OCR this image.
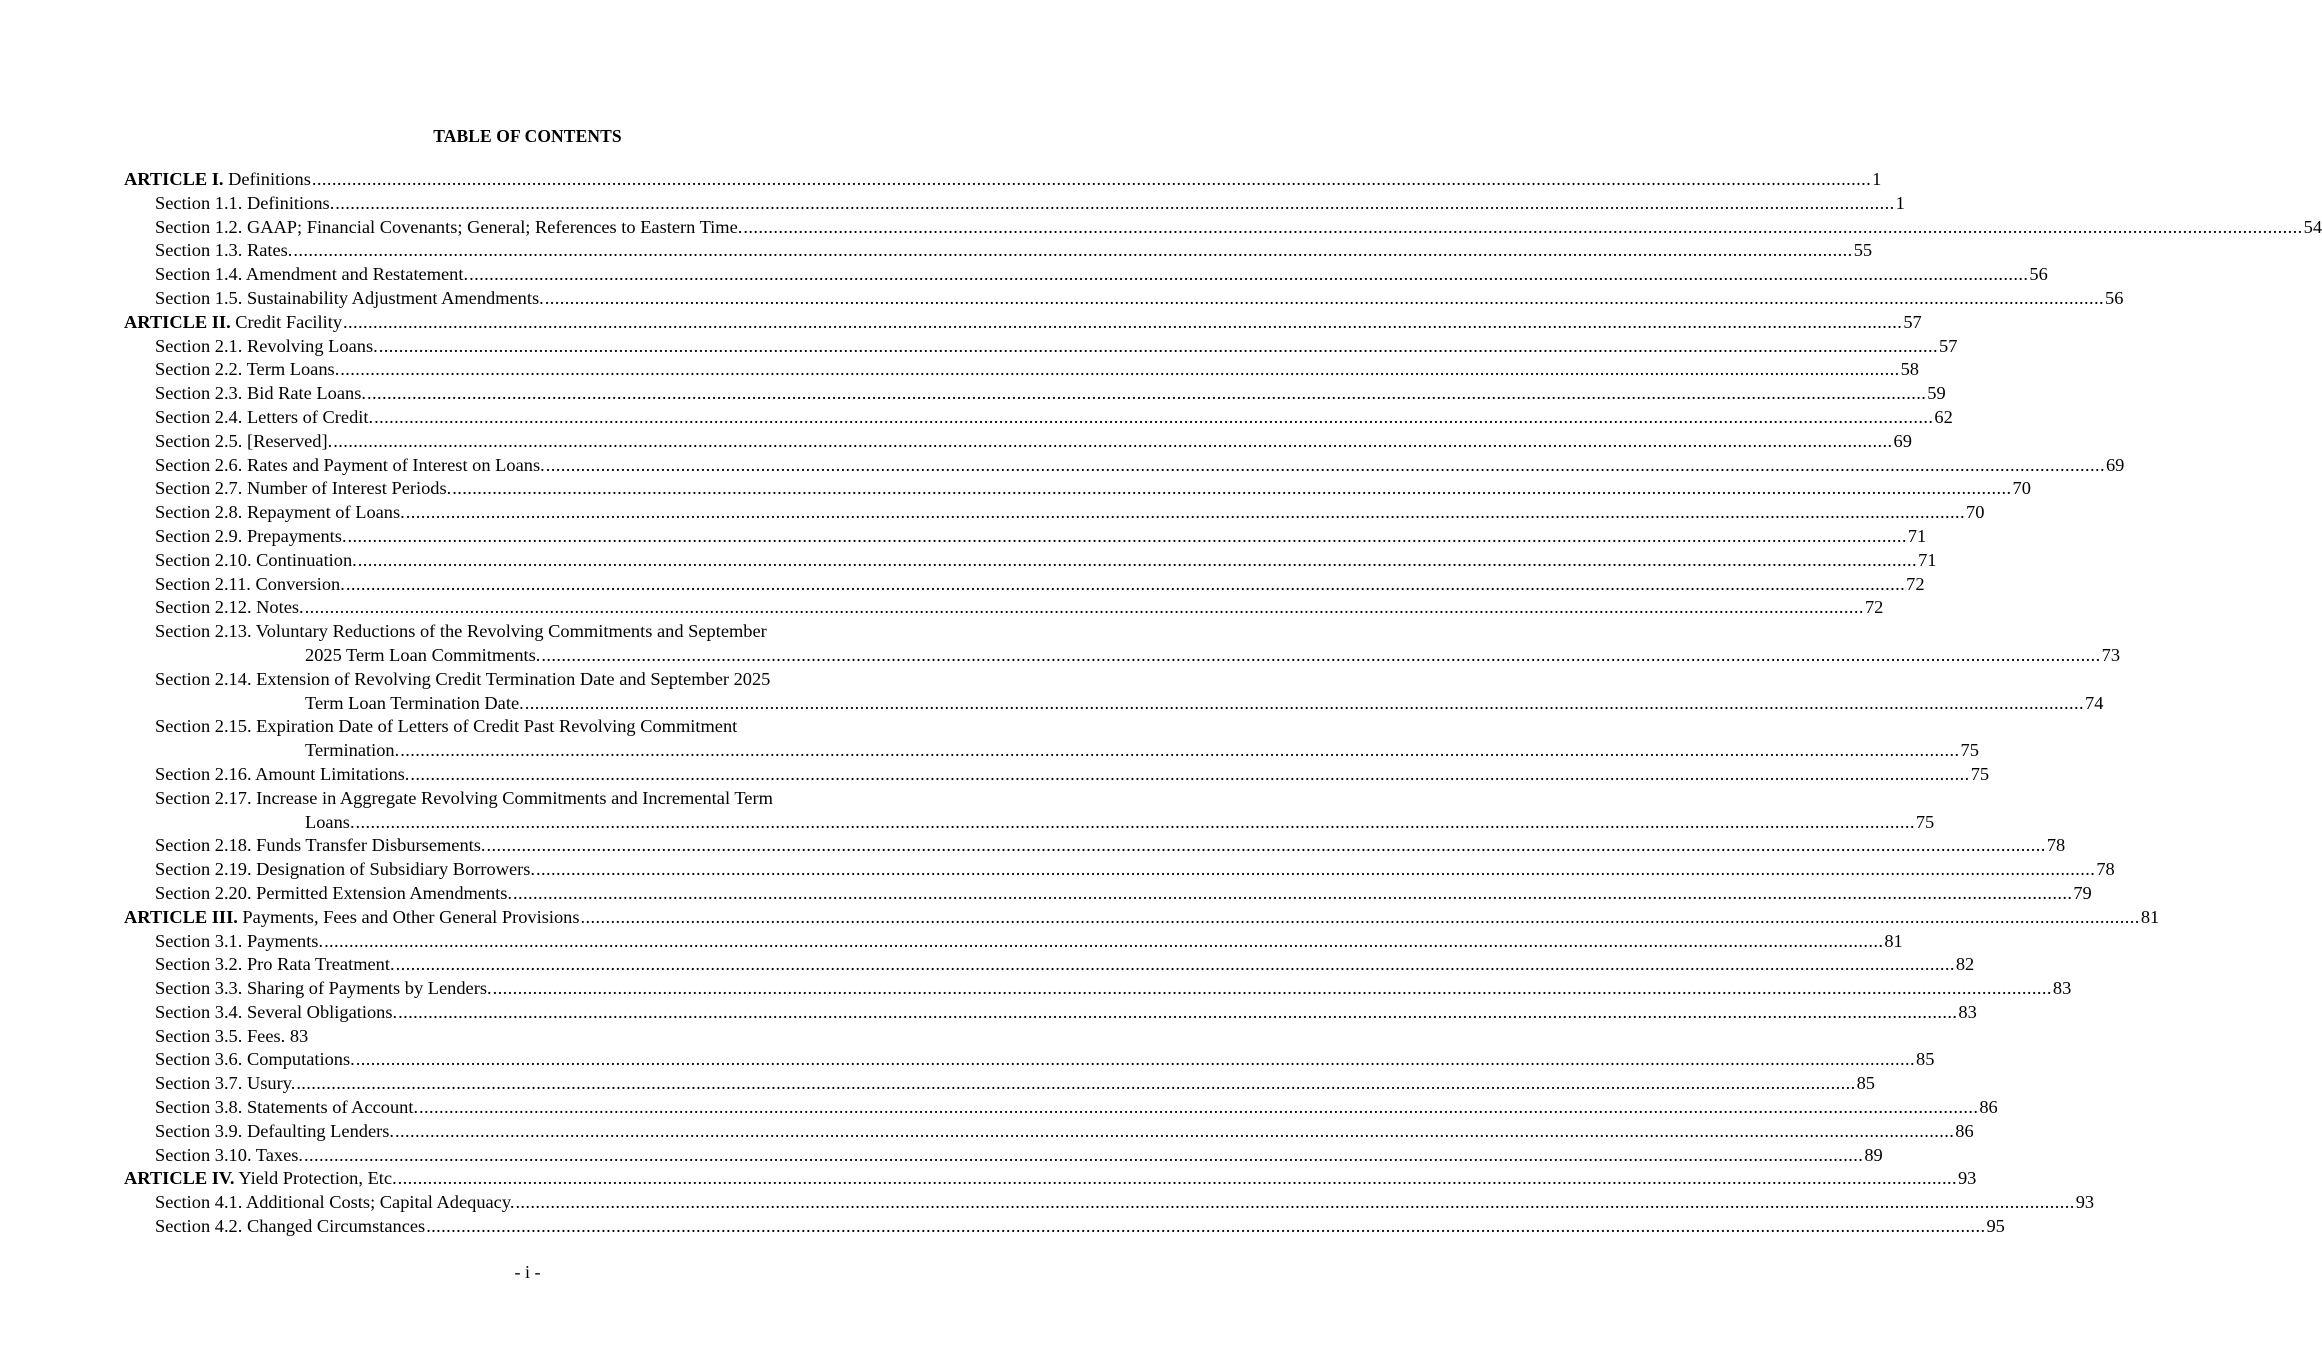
TABLE OF CONTENTS
ARTICLE I. Definitions .....	1
Section 1.1. Definitions. .....	1
Section 1.2. GAAP; Financial Covenants; General; References to Eastern Time. .....	54
Section 1.3. Rates. .....	55
Section 1.4. Amendment and Restatement. .....	56
Section 1.5. Sustainability Adjustment Amendments. .....	56
ARTICLE II. Credit Facility .....	57
Section 2.1. Revolving Loans. .....	57
Section 2.2. Term Loans. .....	58
Section 2.3. Bid Rate Loans. .....	59
Section 2.4. Letters of Credit. .....	62
Section 2.5. [Reserved]. .....	69
Section 2.6. Rates and Payment of Interest on Loans. .....	69
Section 2.7. Number of Interest Periods. .....	70
Section 2.8. Repayment of Loans. .....	70
Section 2.9. Prepayments. .....	71
Section 2.10. Continuation. .....	71
Section 2.11. Conversion. .....	72
Section 2.12. Notes. .....	72
Section 2.13. Voluntary Reductions of the Revolving Commitments and September
2025 Term Loan Commitments. .....	73
Section 2.14. Extension of Revolving Credit Termination Date and September 2025
Term Loan Termination Date. .....	74
Section 2.15. Expiration Date of Letters of Credit Past Revolving Commitment
Termination. .....	75
Section 2.16. Amount Limitations. .....	75
Section 2.17. Increase in Aggregate Revolving Commitments and Incremental Term
Loans. .....	75
Section 2.18. Funds Transfer Disbursements. .....	78
Section 2.19. Designation of Subsidiary Borrowers. .....	78
Section 2.20. Permitted Extension Amendments. .....	79
ARTICLE III. Payments, Fees and Other General Provisions .....	81
Section 3.1. Payments. .....	81
Section 3.2. Pro Rata Treatment. .....	82
Section 3.3. Sharing of Payments by Lenders. .....	83
Section 3.4. Several Obligations. .....	83
Section 3.5. Fees. 83
Section 3.6. Computations. .....	85
Section 3.7. Usury. .....	85
Section 3.8. Statements of Account. .....	86
Section 3.9. Defaulting Lenders. .....	86
Section 3.10. Taxes. .....	89
ARTICLE IV. Yield Protection, Etc. .....	93
Section 4.1. Additional Costs; Capital Adequacy. .....	93
Section 4.2. Changed Circumstances .....	95
- i -
